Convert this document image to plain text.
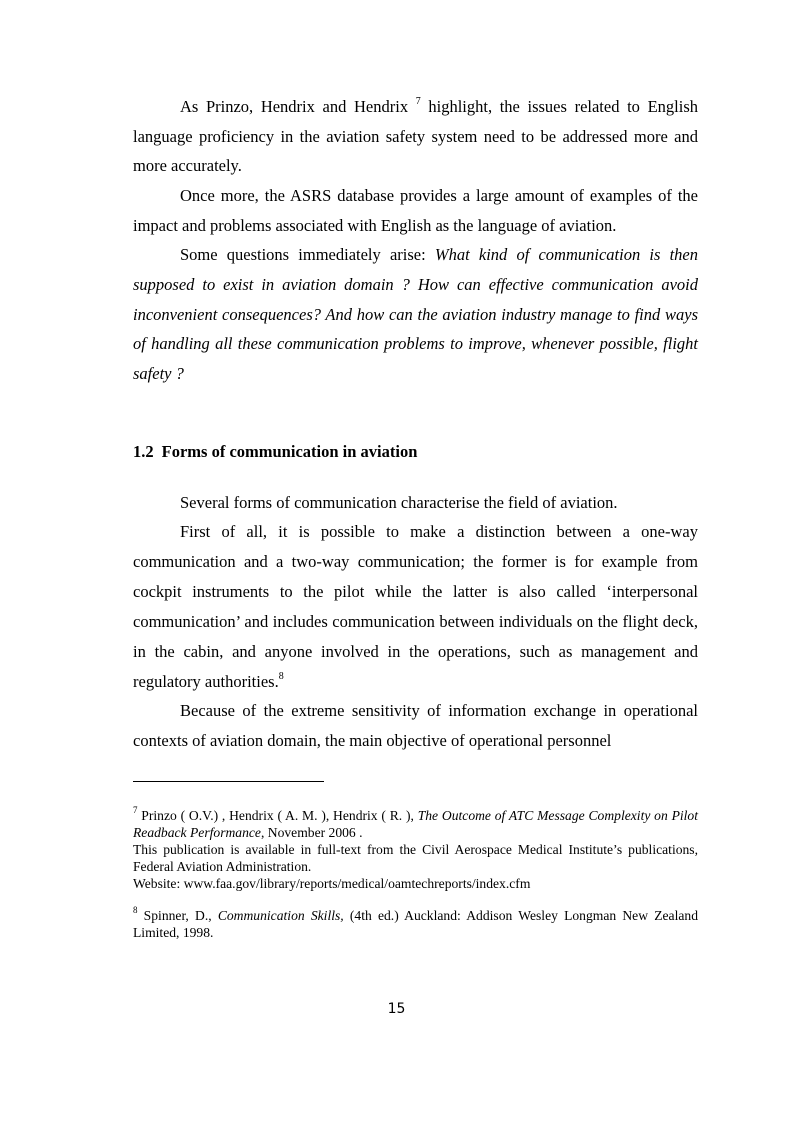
As Prinzo, Hendrix and Hendrix $^7$ highlight, the issues related to English language proficiency in the aviation safety system need to be addressed more and more accurately.

Once more, the ASRS database provides a large amount of examples of the impact and problems associated with English as the language of aviation.

Some questions immediately arise: What kind of communication is then supposed to exist in aviation domain ? How can effective communication avoid inconvenient consequences? And how can the aviation industry manage to find ways of handling all these communication problems to improve, whenever possible, flight safety ?

1.2 Forms of communication in aviation

Several forms of communication characterise the field of aviation.

First of all, it is possible to make a distinction between a one-way communication and a two-way communication; the former is for example from cockpit instruments to the pilot while the latter is also called ‘interpersonal communication’ and includes communication between individuals on the flight deck, in the cabin, and anyone involved in the operations, such as management and regulatory authorities.$^8$

Because of the extreme sensitivity of information exchange in operational contexts of aviation domain, the main objective of operational personnel

$^7$ Prinzo ( O.V.) , Hendrix ( A. M. ), Hendrix ( R. ), The Outcome of ATC Message Complexity on Pilot Readback Performance, November 2006 .
This publication is available in full-text from the Civil Aerospace Medical Institute’s publications, Federal Aviation Administration.
Website: www.faa.gov/library/reports/medical/oamtechreports/index.cfm

$^8$ Spinner, D., Communication Skills, (4th ed.) Auckland: Addison Wesley Longman New Zealand Limited, 1998.

15
